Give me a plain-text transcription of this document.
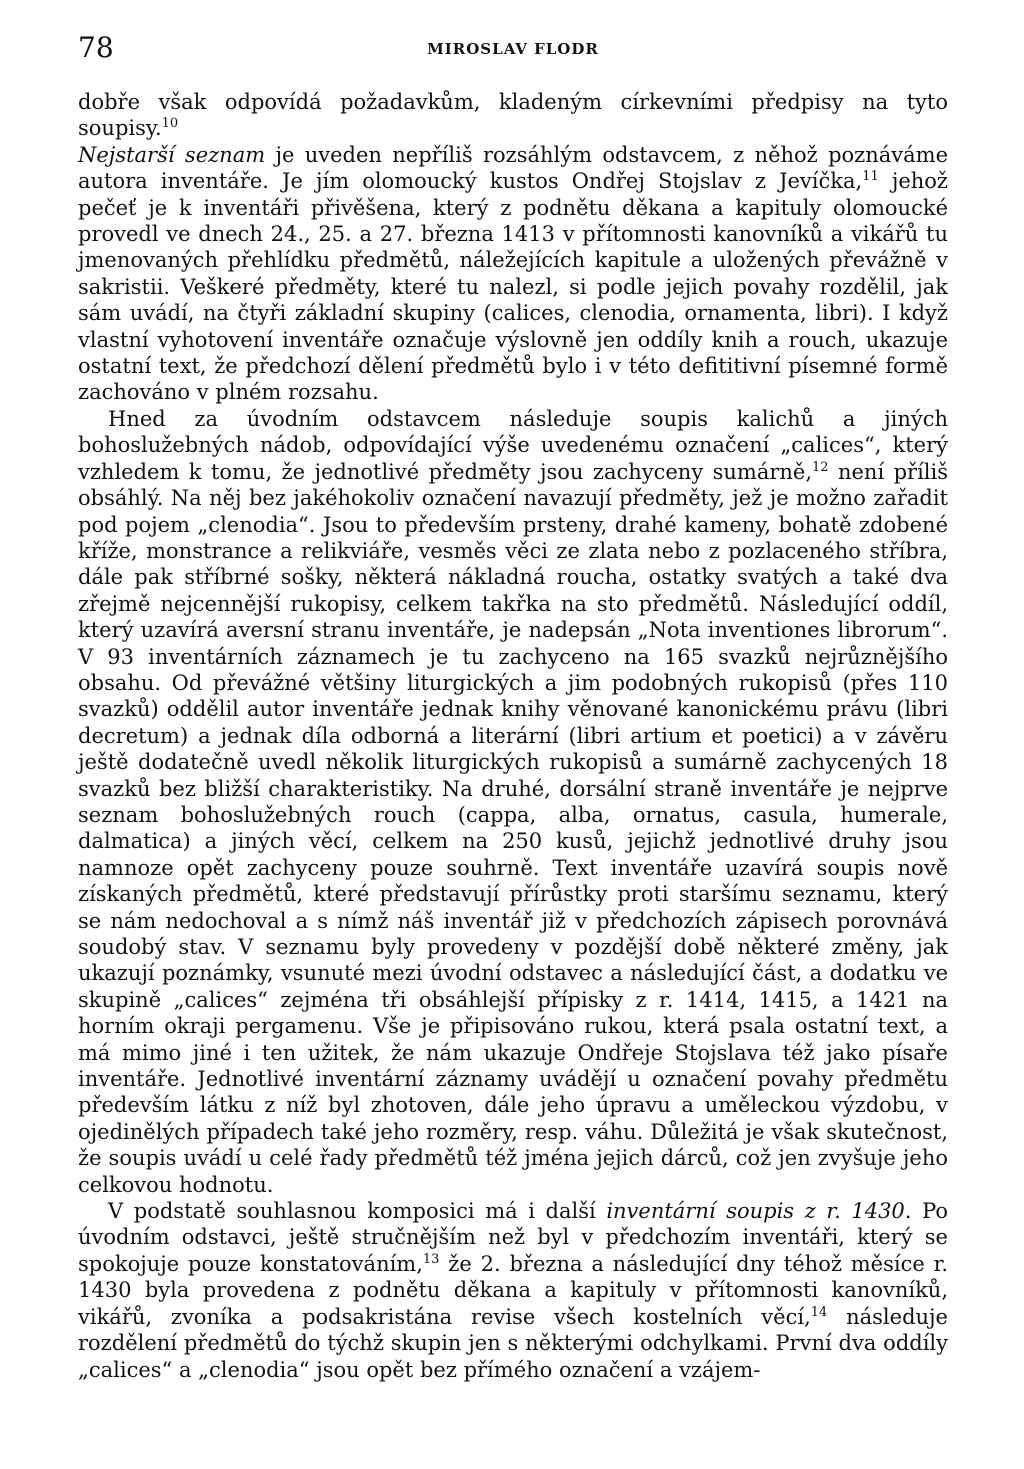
78	MIROSLAV FLODR

dobře však odpovídá požadavkům, kladeným církevními předpisy na tyto soupisy.$^{10}$

Nejstarší seznam je uveden nepříliš rozsáhlým odstavcem, z něhož poznáváme autora inventáře. Je jím olomoucký kustos Ondřej Stojslav z Jevíčka,$^{11}$ jehož pečeť je k inventáři přivěšena, který z podnětu děkana a kapituly olomoucké provedl ve dnech 24., 25. a 27. března 1413 v přítomnosti kanovníků a vikářů tu jmenovaných přehlídku předmětů, náležejících kapitule a uložených převážně v sakristii. Veškeré předměty, které tu nalezl, si podle jejich povahy rozdělil, jak sám uvádí, na čtyři základní skupiny (calices, clenodia, ornamenta, libri). I když vlastní vyhotovení inventáře označuje výslovně jen oddíly knih a rouch, ukazuje ostatní text, že předchozí dělení předmětů bylo i v této defititivní písemné formě zachováno v plném rozsahu.

Hned za úvodním odstavcem následuje soupis kalichů a jiných bohoslužebných nádob, odpovídající výše uvedenému označení „calices“, který vzhledem k tomu, že jednotlivé předměty jsou zachyceny sumárně,$^{12}$ není příliš obsáhlý. Na něj bez jakéhokoliv označení navazují předměty, jež je možno zařadit pod pojem „clenodia“. Jsou to především prsteny, drahé kameny, bohatě zdobené kříže, monstrance a relikviáře, vesměs věci ze zlata nebo z pozlaceného stříbra, dále pak stříbrné sošky, některá nákladná roucha, ostatky svatých a také dva zřejmě nejcennější rukopisy, celkem takřka na sto předmětů. Následující oddíl, který uzavírá aversní stranu inventáře, je nadepsán „Nota inventiones librorum“. V 93 inventárních záznamech je tu zachyceno na 165 svazků nejrůznějšího obsahu. Od převážné většiny liturgických a jim podobných rukopisů (přes 110 svazků) oddělil autor inventáře jednak knihy věnované kanonickému právu (libri decretum) a jednak díla odborná a literární (libri artium et poetici) a v závěru ještě dodatečně uvedl několik liturgických rukopisů a sumárně zachycených 18 svazků bez bližší charakteristiky. Na druhé, dorsální straně inventáře je nejprve seznam bohoslužebných rouch (cappa, alba, ornatus, casula, humerale, dalmatica) a jiných věcí, celkem na 250 kusů, jejichž jednotlivé druhy jsou namnoze opět zachyceny pouze souhrně. Text inventáře uzavírá soupis nově získaných předmětů, které představují přírůstky proti staršímu seznamu, který se nám nedochoval a s nímž náš inventář již v předchozích zápisech porovnává soudobý stav. V seznamu byly provedeny v pozdější době některé změny, jak ukazují poznámky, vsunuté mezi úvodní odstavec a následující část, a dodatku ve skupině „calices“ zejména tři obsáhlejší přípisky z r. 1414, 1415, a 1421 na horním okraji pergamenu. Vše je připisováno rukou, která psala ostatní text, a má mimo jiné i ten užitek, že nám ukazuje Ondřeje Stojslava též jako písaře inventáře. Jednotlivé inventární záznamy uvádějí u označení povahy předmětu především látku z níž byl zhotoven, dále jeho úpravu a uměleckou výzdobu, v ojedinělých případech také jeho rozměry, resp. váhu. Důležitá je však skutečnost, že soupis uvádí u celé řady předmětů též jména jejich dárců, což jen zvyšuje jeho celkovou hodnotu.

V podstatě souhlasnou komposici má i další inventární soupis z r. 1430. Po úvodním odstavci, ještě stručnějším než byl v předchozím inventáři, který se spokojuje pouze konstatováním,$^{13}$ že 2. března a následující dny téhož měsíce r. 1430 byla provedena z podnětu děkana a kapituly v přítomnosti kanovníků, vikářů, zvoníka a podsakristána revise všech kostelních věcí,$^{14}$ následuje rozdělení předmětů do týchž skupin jen s některými odchylkami. První dva oddíly „calices“ a „clenodia“ jsou opět bez přímého označení a vzájem-
